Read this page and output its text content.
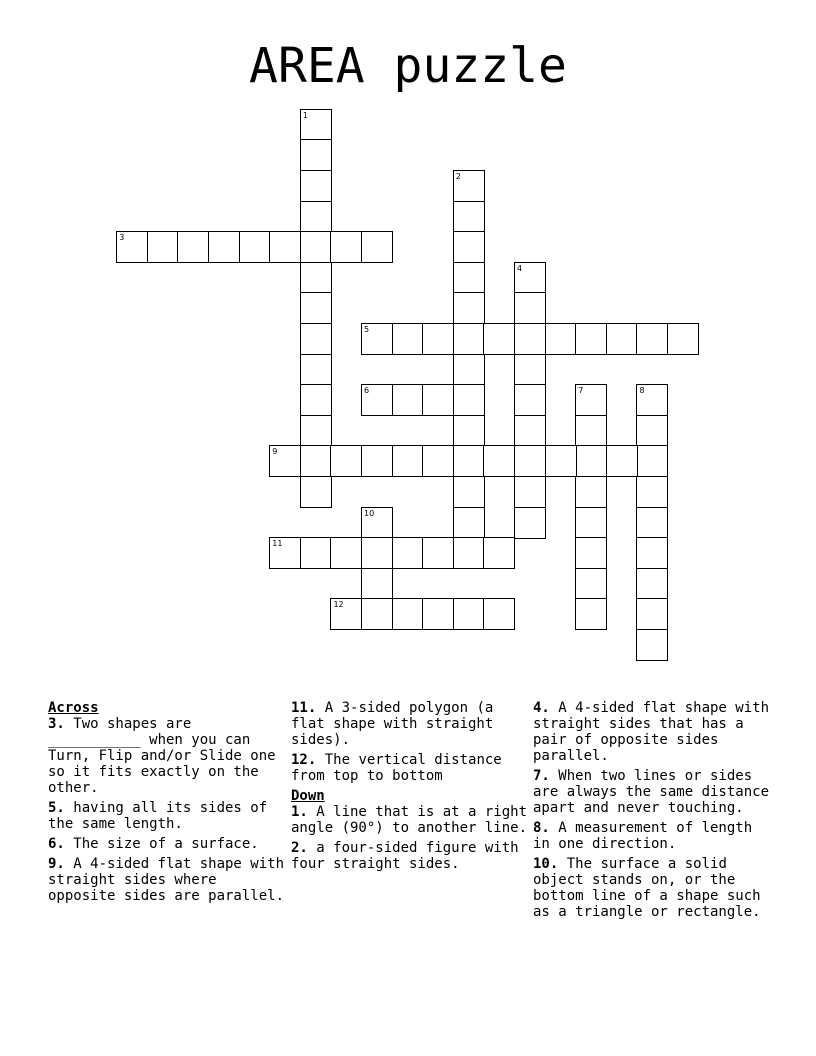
AREA puzzle
1
2
3
4
5
6	7	8
9
10
11
12
Across
3. Two shapes are ___________ when you can Turn, Flip and/or Slide one so it fits exactly on the other.
5. having all its sides of the same length.
6. The size of a surface.
9. A 4-sided flat shape with straight sides where opposite sides are parallel.
11. A 3-sided polygon (a flat shape with straight sides).
12. The vertical distance from top to bottom
Down
1. A line that is at a right angle (90°) to another line.
2. a four-sided figure with four straight sides.
4. A 4-sided flat shape with straight sides that has a pair of opposite sides parallel.
7. When two lines or sides are always the same distance apart and never touching.
8. A measurement of length in one direction.
10. The surface a solid object stands on, or the bottom line of a shape such as a triangle or rectangle.
